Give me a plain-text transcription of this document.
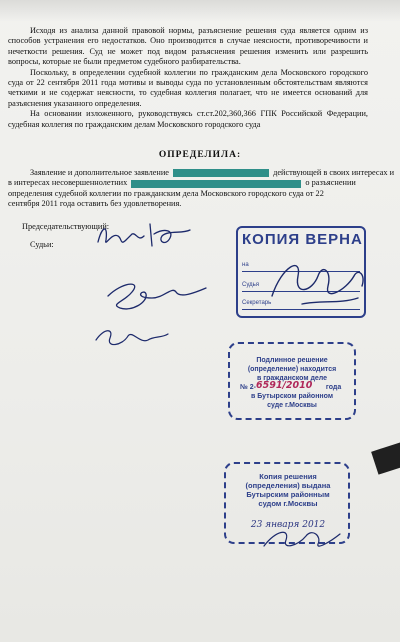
Исходя из анализа данной правовой нормы, разъяснение решения суда является одним из способов устранения его недостатков. Оно производится в случае неясности, противоречивости и нечеткости решения. Суд не может под видом разъяснения решения изменить или разрешить вопросы, которые не были предметом судебного разбирательства.

Поскольку, в определении судебной коллегии по гражданским дела Московского городского суда от 22 сентября 2011 года мотивы и выводы суда по установленным обстоятельствам являются четкими и не содержат неясности, то судебная коллегия полагает, что не имеется оснований для разъяснения указанного определения.

На основании изложенного, руководствуясь ст.ст.202,360,366 ГПК Российской Федерации, судебная коллегия по гражданским делам Московского городского суда

ОПРЕДЕЛИЛА:
Заявление и дополнительное заявление	действующей в своих интересах и
в интересах несовершеннолетних	о разъяснении
определения судебной коллегии по гражданским дела Московского городского суда от 22
сентября 2011 года оставить без удовлетворения.
Председательствующий:
Судьи:	КОПИЯ ВЕРНА
на
Судья
Секретарь
Подлинное решение
(определение) находится
в гражданском деле
№ 2-	года
в Бутырском районном
суде г.Москвы
6591/2010
Копия решения
(определения) выдана
Бутырским районным
судом г.Москвы
23 января 2012
